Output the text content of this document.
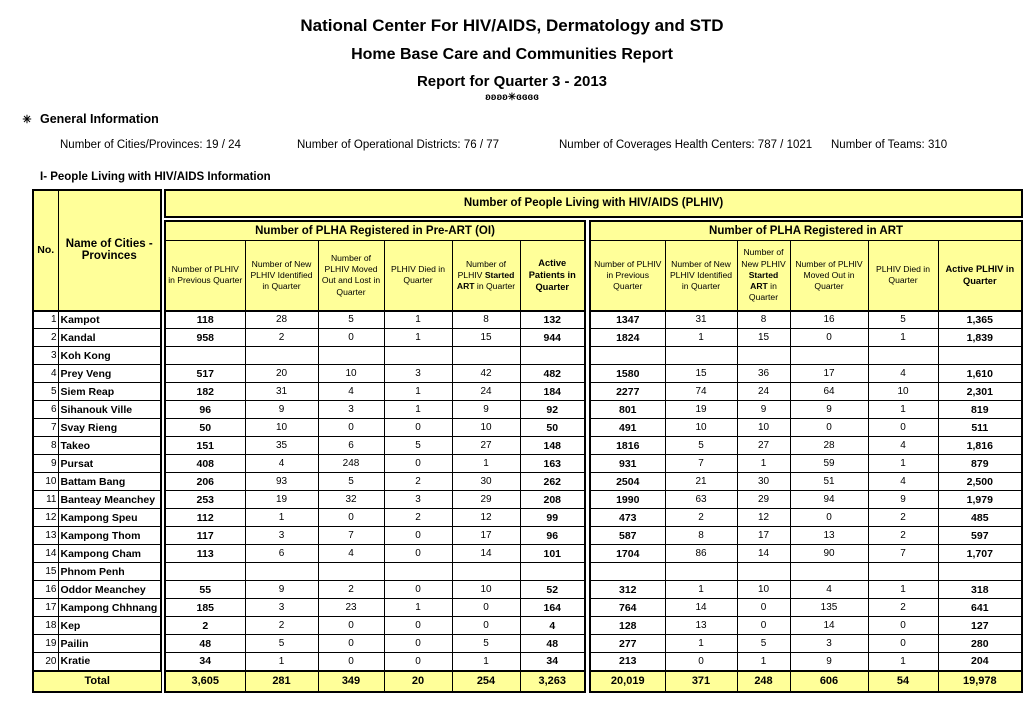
National Center For HIV/AIDS, Dermatology and STD
Home Base Care and Communities Report
Report for Quarter 3 - 2013
ʚʚʚʚ✳ɞɞɞɞ
✳ General Information
Number of Cities/Provinces: 19 / 24	Number of Operational Districts: 76 / 77	Number of Coverages Health Centers: 787 / 1021 Number of Teams: 310
I- People Living with HIV/AIDS Information
No.	Name of Cities - Provinces		Number of People Living with HIV/AIDS (PLHIV)												

			Number of PLHA Registered in Pre-ART (OI)							Number of PLHA Registered in ART					
			Number of PLHIV in Previous Quarter	Number of New PLHIV Identified in Quarter	Number of PLHIV Moved Out and Lost in Quarter	PLHIV Died in Quarter	Number of PLHIV Started ART in Quarter	Active Patients in Quarter		Number of PLHIV in Previous Quarter	Number of New PLHIV Identified in Quarter	Number of New PLHIV Started ART in Quarter	Number of PLHIV Moved Out in Quarter	PLHIV Died in Quarter	Active PLHIV in Quarter
1	Kampot		118	28	5	1	8	132		1347	31	8	16	5	1,365
2	Kandal		958	2	0	1	15	944		1824	1	15	0	1	1,839
3	Koh Kong														
4	Prey Veng		517	20	10	3	42	482		1580	15	36	17	4	1,610
5	Siem Reap		182	31	4	1	24	184		2277	74	24	64	10	2,301
6	Sihanouk Ville		96	9	3	1	9	92		801	19	9	9	1	819
7	Svay Rieng		50	10	0	0	10	50		491	10	10	0	0	511
8	Takeo		151	35	6	5	27	148		1816	5	27	28	4	1,816
9	Pursat		408	4	248	0	1	163		931	7	1	59	1	879
10	Battam Bang		206	93	5	2	30	262		2504	21	30	51	4	2,500
11	Banteay Meanchey		253	19	32	3	29	208		1990	63	29	94	9	1,979
12	Kampong Speu		112	1	0	2	12	99		473	2	12	0	2	485
13	Kampong Thom		117	3	7	0	17	96		587	8	17	13	2	597
14	Kampong Cham		113	6	4	0	14	101		1704	86	14	90	7	1,707
15	Phnom Penh														
16	Oddor Meanchey		55	9	2	0	10	52		312	1	10	4	1	318
17	Kampong Chhnang		185	3	23	1	0	164		764	14	0	135	2	641
18	Kep		2	2	0	0	0	4		128	13	0	14	0	127
19	Pailin		48	5	0	0	5	48		277	1	5	3	0	280
20	Kratie		34	1	0	0	1	34		213	0	1	9	1	204
Total			3,605	281	349	20	254	3,263		20,019	371	248	606	54	19,978
